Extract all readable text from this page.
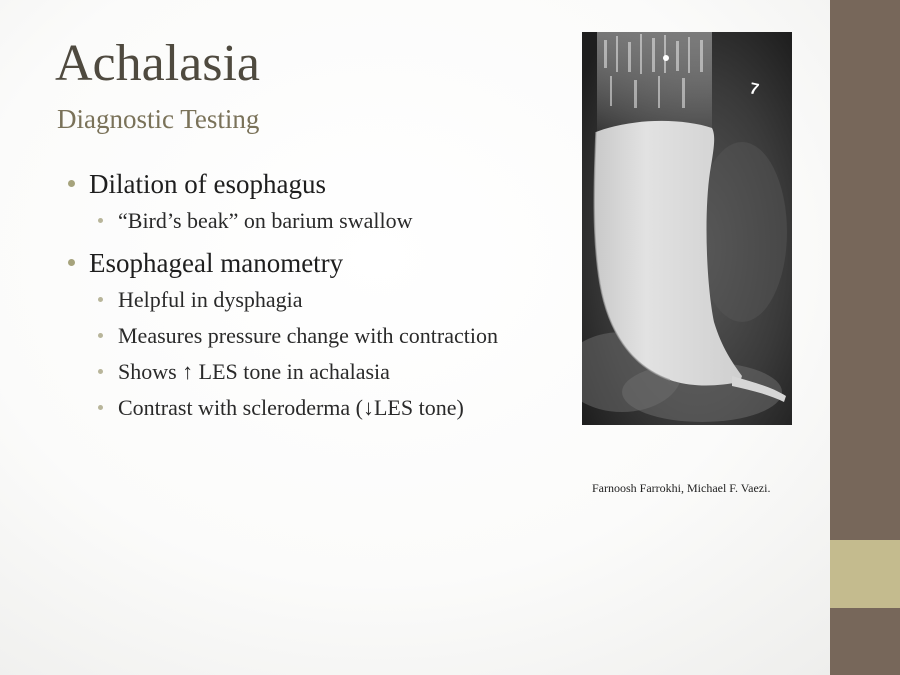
Achalasia
Diagnostic Testing
Dilation of esophagus
“Bird’s beak” on barium swallow
Esophageal manometry
Helpful in dysphagia
Measures pressure change with contraction
Shows ↑ LES tone in achalasia
Contrast with scleroderma (↓LES tone)
7

Farnoosh Farrokhi, Michael F. Vaezi.
